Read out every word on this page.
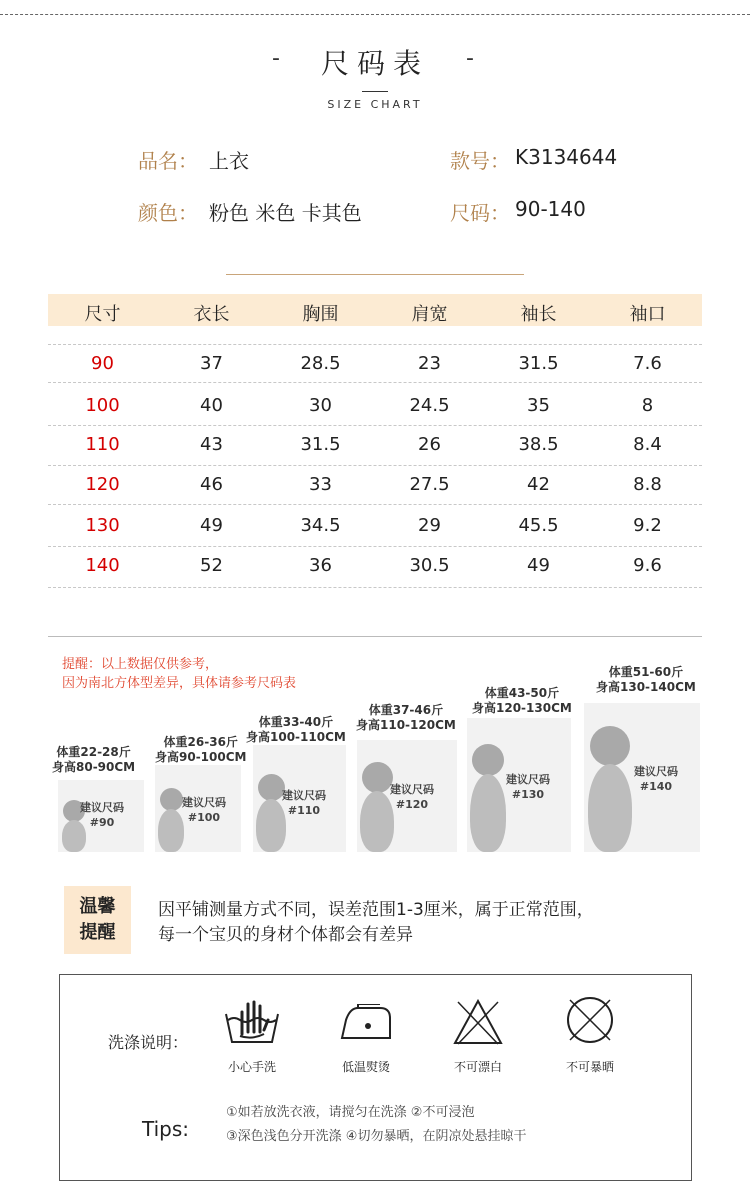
-	尺码表	-
SIZE CHART
品名： 上衣	款号： K3134644
颜色： 粉色 米色 卡其色	尺码： 90-140
尺寸	衣长	胸围	肩宽	袖长	袖口
90	37	28.5	23	31.5	7.6
100	40	30	24.5	35	8
110	43	31.5	26	38.5	8.4
120	46	33	27.5	42	8.8
130	49	34.5	29	45.5	9.2
140	52	36	30.5	49	9.6
提醒：以上数据仅供参考，
因为南北方体型差异，具体请参考尺码表
体重22-28斤
身高80-90CM
建议尺码
#90
体重26-36斤
身高90-100CM
建议尺码
#100
体重33-40斤
身高100-110CM
建议尺码
#110
体重37-46斤
身高110-120CM
建议尺码
#120
体重43-50斤
身高120-130CM
建议尺码
#130
体重51-60斤
身高130-140CM
建议尺码
#140
温馨
提醒
因平铺测量方式不同，误差范围1-3厘米，属于正常范围，
每一个宝贝的身材个体都会有差异
洗涤说明：
小心手洗	低温熨烫	不可漂白	不可暴晒
Tips:
①如若放洗衣液，请搅匀在洗涤 ②不可浸泡
③深色浅色分开洗涤 ④切勿暴晒，在阴凉处悬挂晾干
